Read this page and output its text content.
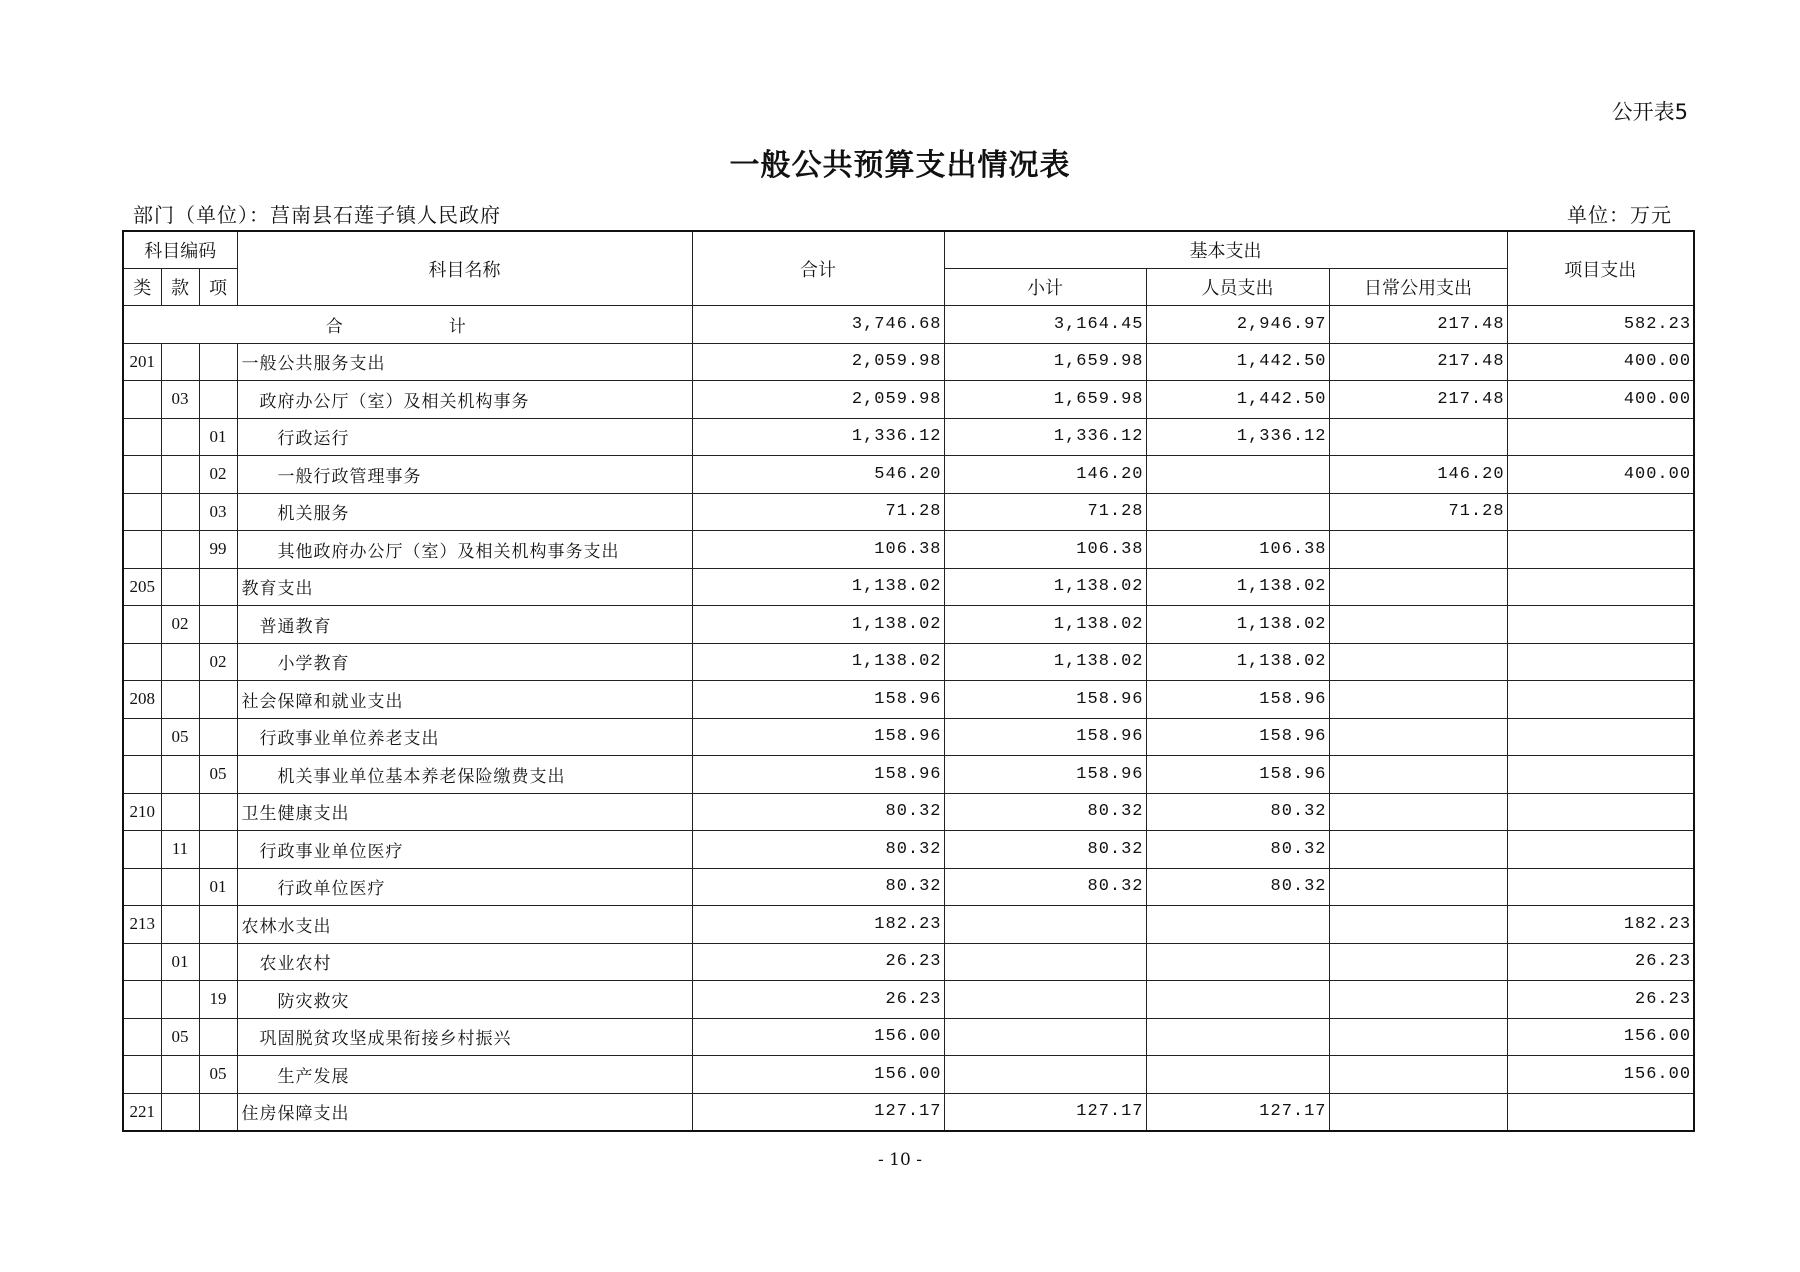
公开表5
一般公共预算支出情况表
部门（单位）：莒南县石莲子镇人民政府	单位：万元
科目编码			科目名称	合计	基本支出			项目支出
类	款	项			小计	人员支出	日常公用支出	
合　　计				3,746.68	3,164.45	2,946.97	217.48	582.23
201			一般公共服务支出	2,059.98	1,659.98	1,442.50	217.48	400.00
	03		政府办公厅（室）及相关机构事务	2,059.98	1,659.98	1,442.50	217.48	400.00
		01	行政运行	1,336.12	1,336.12	1,336.12		
		02	一般行政管理事务	546.20	146.20		146.20	400.00
		03	机关服务	71.28	71.28		71.28	
		99	其他政府办公厅（室）及相关机构事务支出	106.38	106.38	106.38		
205			教育支出	1,138.02	1,138.02	1,138.02		
	02		普通教育	1,138.02	1,138.02	1,138.02		
		02	小学教育	1,138.02	1,138.02	1,138.02		
208			社会保障和就业支出	158.96	158.96	158.96		
	05		行政事业单位养老支出	158.96	158.96	158.96		
		05	机关事业单位基本养老保险缴费支出	158.96	158.96	158.96		
210			卫生健康支出	80.32	80.32	80.32		
	11		行政事业单位医疗	80.32	80.32	80.32		
		01	行政单位医疗	80.32	80.32	80.32		
213			农林水支出	182.23				182.23
	01		农业农村	26.23				26.23
		19	防灾救灾	26.23				26.23
	05		巩固脱贫攻坚成果衔接乡村振兴	156.00				156.00
		05	生产发展	156.00				156.00
221			住房保障支出	127.17	127.17	127.17		
- 10 -
